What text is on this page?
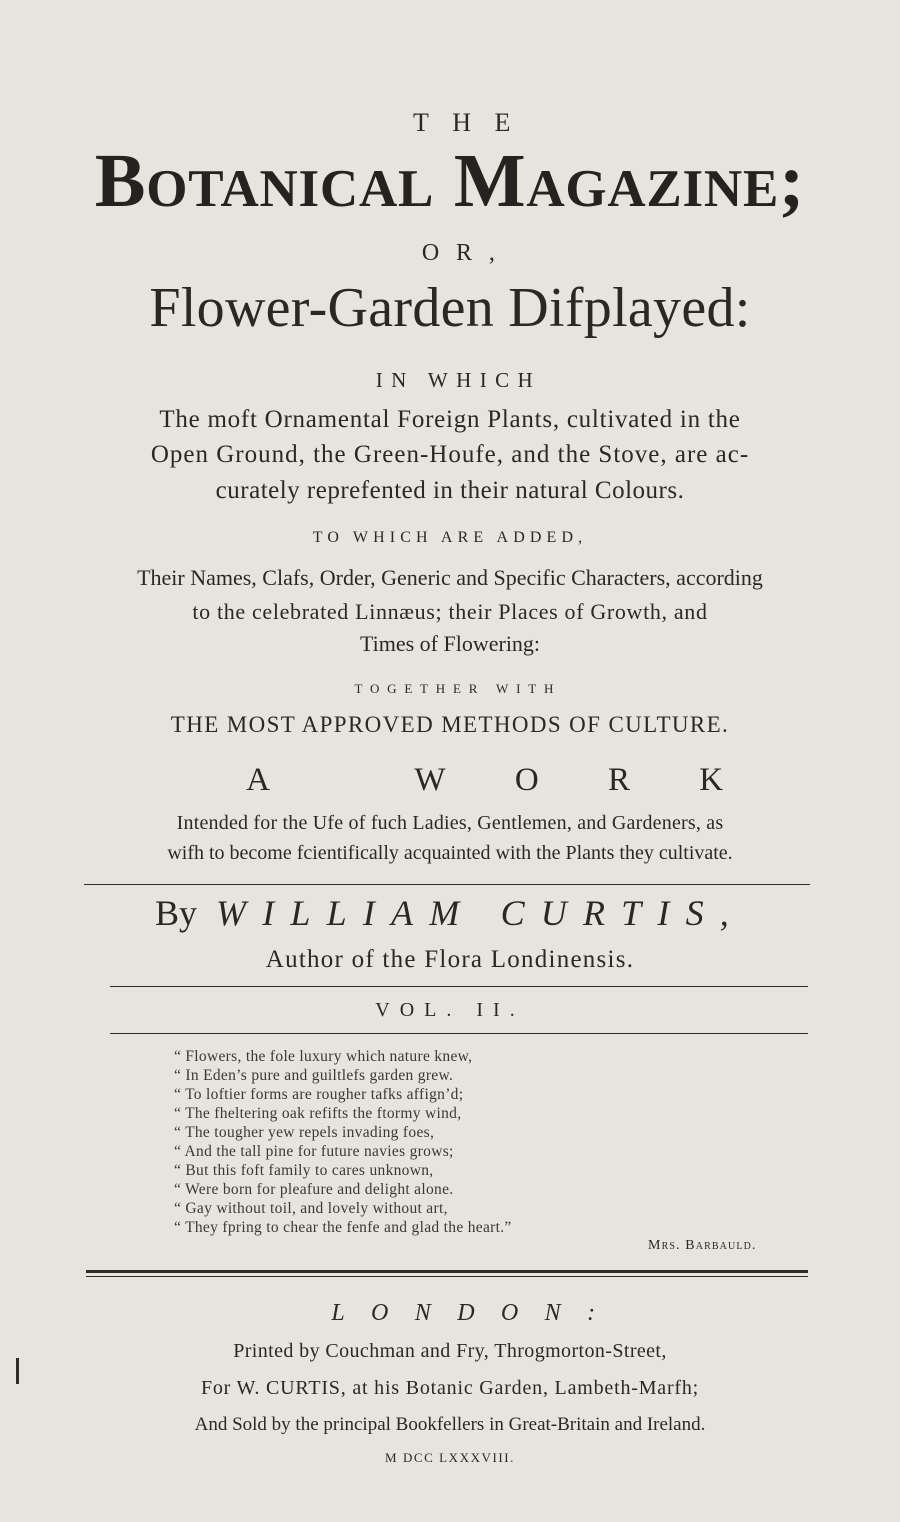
THE
Botanical Magazine;
OR,
Flower-Garden Difplayed:
IN WHICH
The moft Ornamental Foreign Plants, cultivated in the
Open Ground, the Green-Houfe, and the Stove, are ac-
curately reprefented in their natural Colours.
TO WHICH ARE ADDED,
Their Names, Clafs, Order, Generic and Specific Characters, according
to the celebrated Linnæus; their Places of Growth, and
Times of Flowering:
TOGETHER WITH
THE MOST APPROVED METHODS OF CULTURE.
A WORK
Intended for the Ufe of fuch Ladies, Gentlemen, and Gardeners, as
wifh to become fcientifically acquainted with the Plants they cultivate.
By WILLIAM CURTIS,
Author of the Flora Londinensis.
VOL. II.
“ Flowers, the fole luxury which nature knew,
“ In Eden’s pure and guiltlefs garden grew.
“ To loftier forms are rougher tafks affign’d;
“ The fheltering oak refifts the ftormy wind,
“ The tougher yew repels invading foes,
“ And the tall pine for future navies grows;
“ But this foft family to cares unknown,
“ Were born for pleafure and delight alone.
“ Gay without toil, and lovely without art,
“ They fpring to chear the fenfe and glad the heart.”
Mrs. Barbauld.
LONDON:
Printed by Couchman and Fry, Throgmorton-Street,
For W. CURTIS, at his Botanic Garden, Lambeth-Marfh;
And Sold by the principal Bookfellers in Great-Britain and Ireland.
M DCC LXXXVIII.
